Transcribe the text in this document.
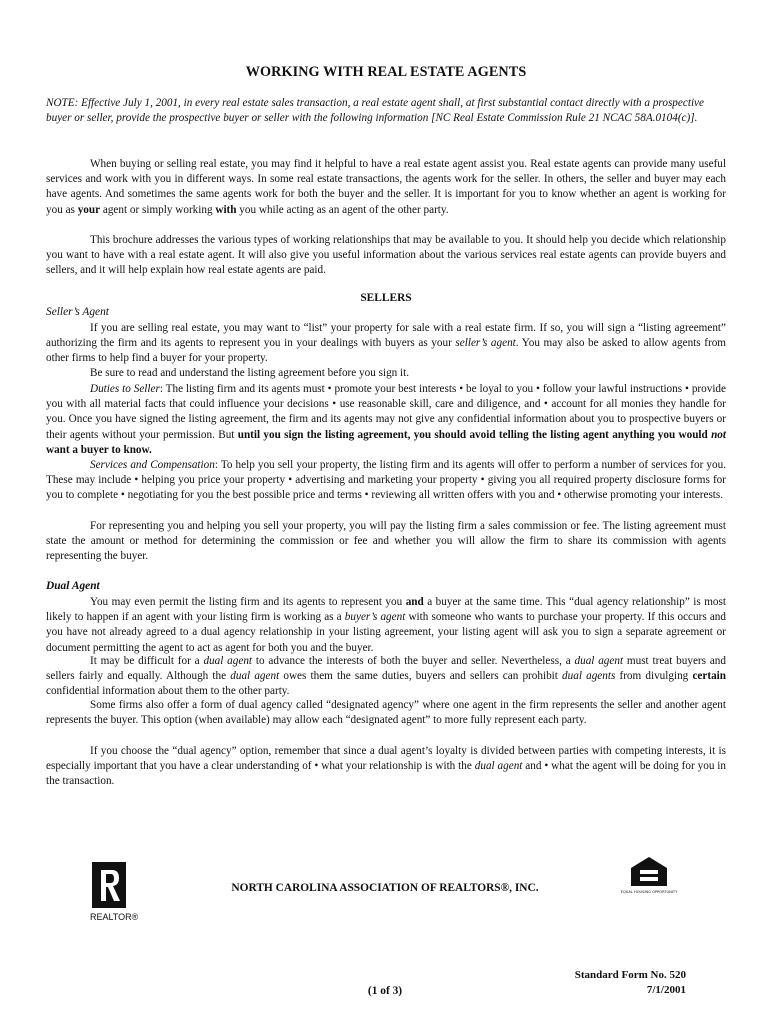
WORKING WITH REAL ESTATE AGENTS
NOTE: Effective July 1, 2001, in every real estate sales transaction, a real estate agent shall, at first substantial contact directly with a prospective buyer or seller, provide the prospective buyer or seller with the following information [NC Real Estate Commission Rule 21 NCAC 58A.0104(c)].
When buying or selling real estate, you may find it helpful to have a real estate agent assist you. Real estate agents can provide many useful services and work with you in different ways. In some real estate transactions, the agents work for the seller. In others, the seller and buyer may each have agents. And sometimes the same agents work for both the buyer and the seller. It is important for you to know whether an agent is working for you as your agent or simply working with you while acting as an agent of the other party.
This brochure addresses the various types of working relationships that may be available to you. It should help you decide which relationship you want to have with a real estate agent. It will also give you useful information about the various services real estate agents can provide buyers and sellers, and it will help explain how real estate agents are paid.
SELLERS
Seller’s Agent
If you are selling real estate, you may want to “list” your property for sale with a real estate firm. If so, you will sign a “listing agreement” authorizing the firm and its agents to represent you in your dealings with buyers as your seller’s agent. You may also be asked to allow agents from other firms to help find a buyer for your property.
Be sure to read and understand the listing agreement before you sign it.
Duties to Seller: The listing firm and its agents must • promote your best interests • be loyal to you • follow your lawful instructions • provide you with all material facts that could influence your decisions • use reasonable skill, care and diligence, and • account for all monies they handle for you. Once you have signed the listing agreement, the firm and its agents may not give any confidential information about you to prospective buyers or their agents without your permission. But until you sign the listing agreement, you should avoid telling the listing agent anything you would not want a buyer to know.
Services and Compensation: To help you sell your property, the listing firm and its agents will offer to perform a number of services for you. These may include • helping you price your property • advertising and marketing your property • giving you all required property disclosure forms for you to complete • negotiating for you the best possible price and terms • reviewing all written offers with you and • otherwise promoting your interests.
For representing you and helping you sell your property, you will pay the listing firm a sales commission or fee. The listing agreement must state the amount or method for determining the commission or fee and whether you will allow the firm to share its commission with agents representing the buyer.
Dual Agent
You may even permit the listing firm and its agents to represent you and a buyer at the same time. This “dual agency relationship” is most likely to happen if an agent with your listing firm is working as a buyer’s agent with someone who wants to purchase your property. If this occurs and you have not already agreed to a dual agency relationship in your listing agreement, your listing agent will ask you to sign a separate agreement or document permitting the agent to act as agent for both you and the buyer.
It may be difficult for a dual agent to advance the interests of both the buyer and seller. Nevertheless, a dual agent must treat buyers and sellers fairly and equally. Although the dual agent owes them the same duties, buyers and sellers can prohibit dual agents from divulging certain confidential information about them to the other party.
Some firms also offer a form of dual agency called “designated agency” where one agent in the firm represents the seller and another agent represents the buyer. This option (when available) may allow each “designated agent” to more fully represent each party.
If you choose the “dual agency” option, remember that since a dual agent’s loyalty is divided between parties with competing interests, it is especially important that you have a clear understanding of • what your relationship is with the dual agent and • what the agent will be doing for you in the transaction.
REALTOR®
NORTH CAROLINA ASSOCIATION OF REALTORS®, INC.	EQUAL HOUSING OPPORTUNITY
(1 of 3)
Standard Form No. 520
7/1/2001
